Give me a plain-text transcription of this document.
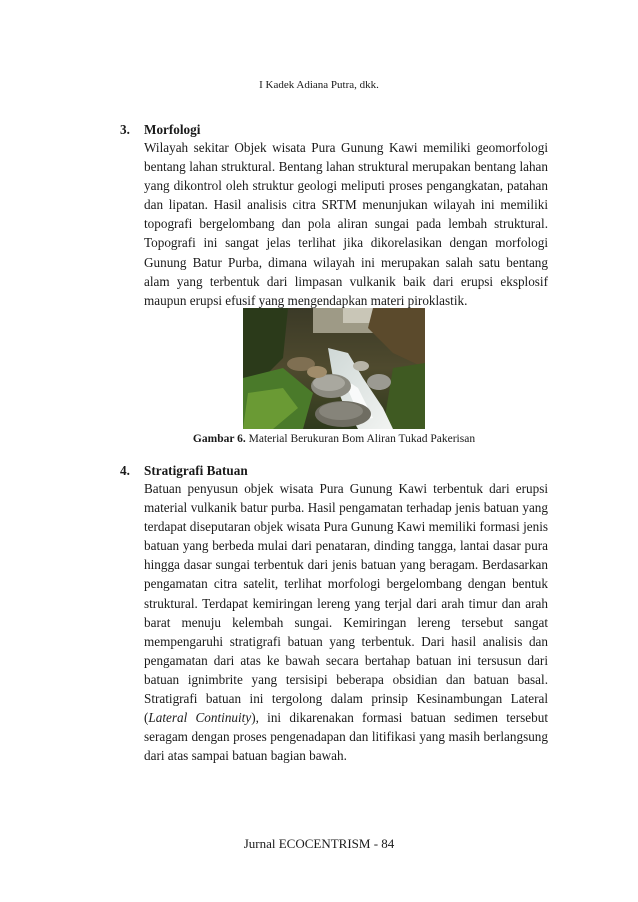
I Kadek Adiana Putra, dkk.
3.	Morfologi
Wilayah sekitar Objek wisata Pura Gunung Kawi memiliki geomorfologi bentang lahan struktural. Bentang lahan struktural merupakan bentang lahan yang dikontrol oleh struktur geologi meliputi proses pengangkatan, patahan dan lipatan. Hasil analisis citra SRTM menunjukan wilayah ini memiliki topografi bergelombang dan pola aliran sungai pada lembah struktural. Topografi ini sangat jelas terlihat jika dikorelasikan dengan morfologi Gunung Batur Purba, dimana wilayah ini merupakan salah satu bentang alam yang terbentuk dari limpasan vulkanik baik dari erupsi eksplosif maupun erupsi efusif yang mengendapkan materi piroklastik.
Gambar 6. Material Berukuran Bom Aliran Tukad Pakerisan
4.	Stratigrafi Batuan
Batuan penyusun objek wisata Pura Gunung Kawi terbentuk dari erupsi material vulkanik batur purba. Hasil pengamatan terhadap jenis batuan yang terdapat diseputaran objek wisata Pura Gunung Kawi memiliki formasi jenis batuan yang berbeda mulai dari penataran, dinding tangga, lantai dasar pura hingga dasar sungai terbentuk dari jenis batuan yang beragam. Berdasarkan pengamatan citra satelit, terlihat morfologi bergelombang dengan bentuk struktural. Terdapat kemiringan lereng yang terjal dari arah timur dan arah barat menuju kelembah sungai. Kemiringan lereng tersebut sangat mempengaruhi stratigrafi batuan yang terbentuk. Dari hasil analisis dan pengamatan dari atas ke bawah secara bertahap batuan ini tersusun dari batuan ignimbrite yang tersisipi beberapa obsidian dan batuan basal. Stratigrafi batuan ini tergolong dalam prinsip Kesinambungan Lateral (Lateral Continuity), ini dikarenakan formasi batuan sedimen tersebut seragam dengan proses pengenadapan dan litifikasi yang masih berlangsung dari atas sampai batuan bagian bawah.
Jurnal ECOCENTRISM - 84
